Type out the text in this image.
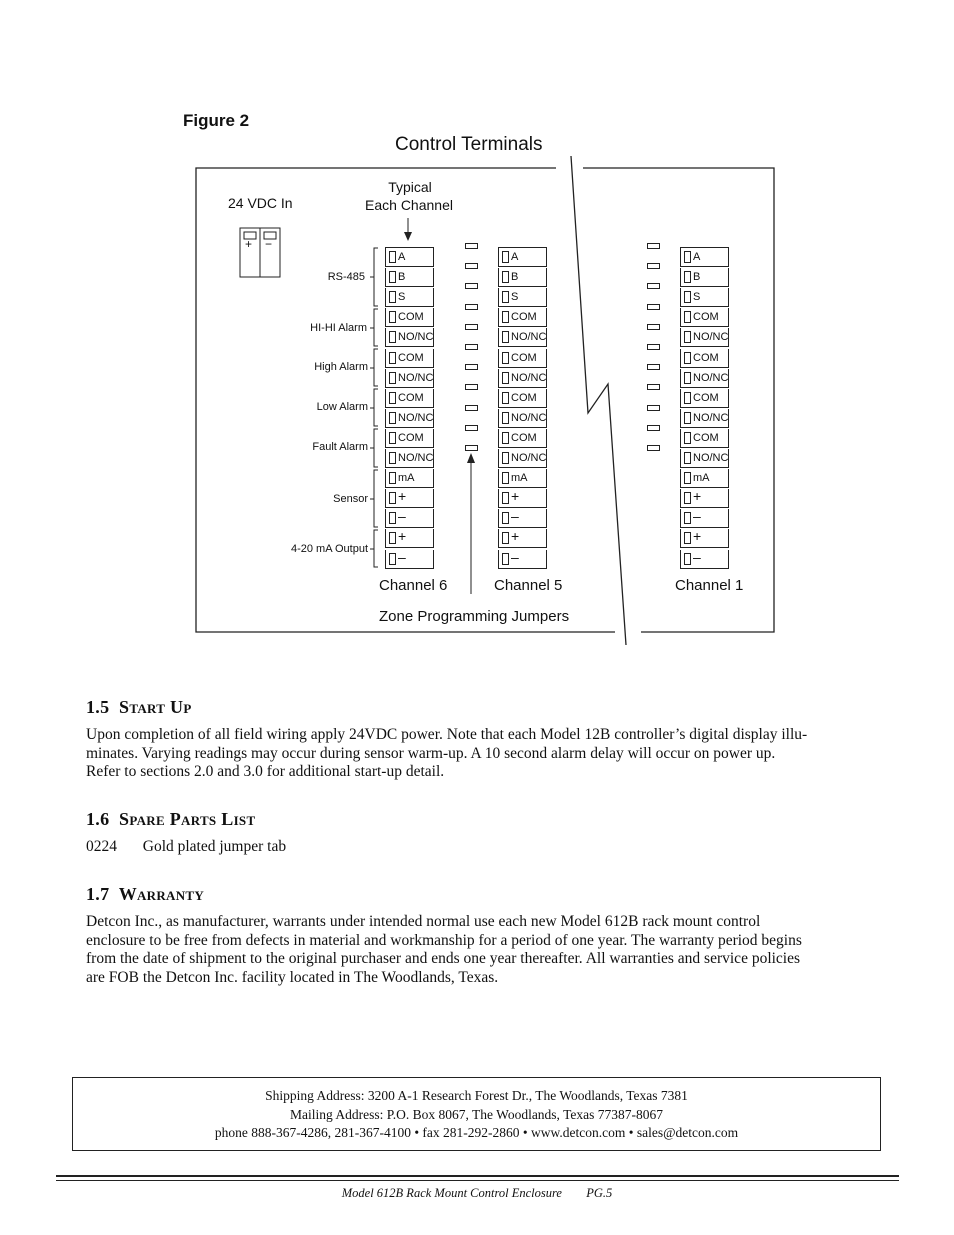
Figure 2
Control Terminals
24 VDC In
+ −
Typical
Each Channel
RS-485
HI-HI Alarm
High Alarm
Low Alarm
Fault Alarm
Sensor
4-20 mA Output
A
B
S
COM
NO/NC
COM
NO/NC
COM
NO/NC
COM
NO/NC
mA
+
–
+
–
A
B
S
COM
NO/NC
COM
NO/NC
COM
NO/NC
COM
NO/NC
mA
+
–
+
–
A
B
S
COM
NO/NC
COM
NO/NC
COM
NO/NC
COM
NO/NC
mA
+
–
+
–
Channel 6	Channel 5	Channel 1
Zone Programming Jumpers
1.5 Start Up
Upon completion of all field wiring apply 24VDC power. Note that each Model 12B controller’s digital display illu-
minates. Varying readings may occur during sensor warm-up. A 10 second alarm delay will occur on power up.
Refer to sections 2.0 and 3.0 for additional start-up detail.
1.6 Spare Parts List
0224 Gold plated jumper tab
1.7 Warranty
Detcon Inc., as manufacturer, warrants under intended normal use each new Model 612B rack mount control
enclosure to be free from defects in material and workmanship for a period of one year. The warranty period begins
from the date of shipment to the original purchaser and ends one year thereafter. All warranties and service policies
are FOB the Detcon Inc. facility located in The Woodlands, Texas.
Shipping Address: 3200 A-1 Research Forest Dr., The Woodlands, Texas 7381
Mailing Address: P.O. Box 8067, The Woodlands, Texas 77387-8067
phone 888-367-4286, 281-367-4100 • fax 281-292-2860 • www.detcon.com • sales@detcon.com
Model 612B Rack Mount Control Enclosure PG.5
